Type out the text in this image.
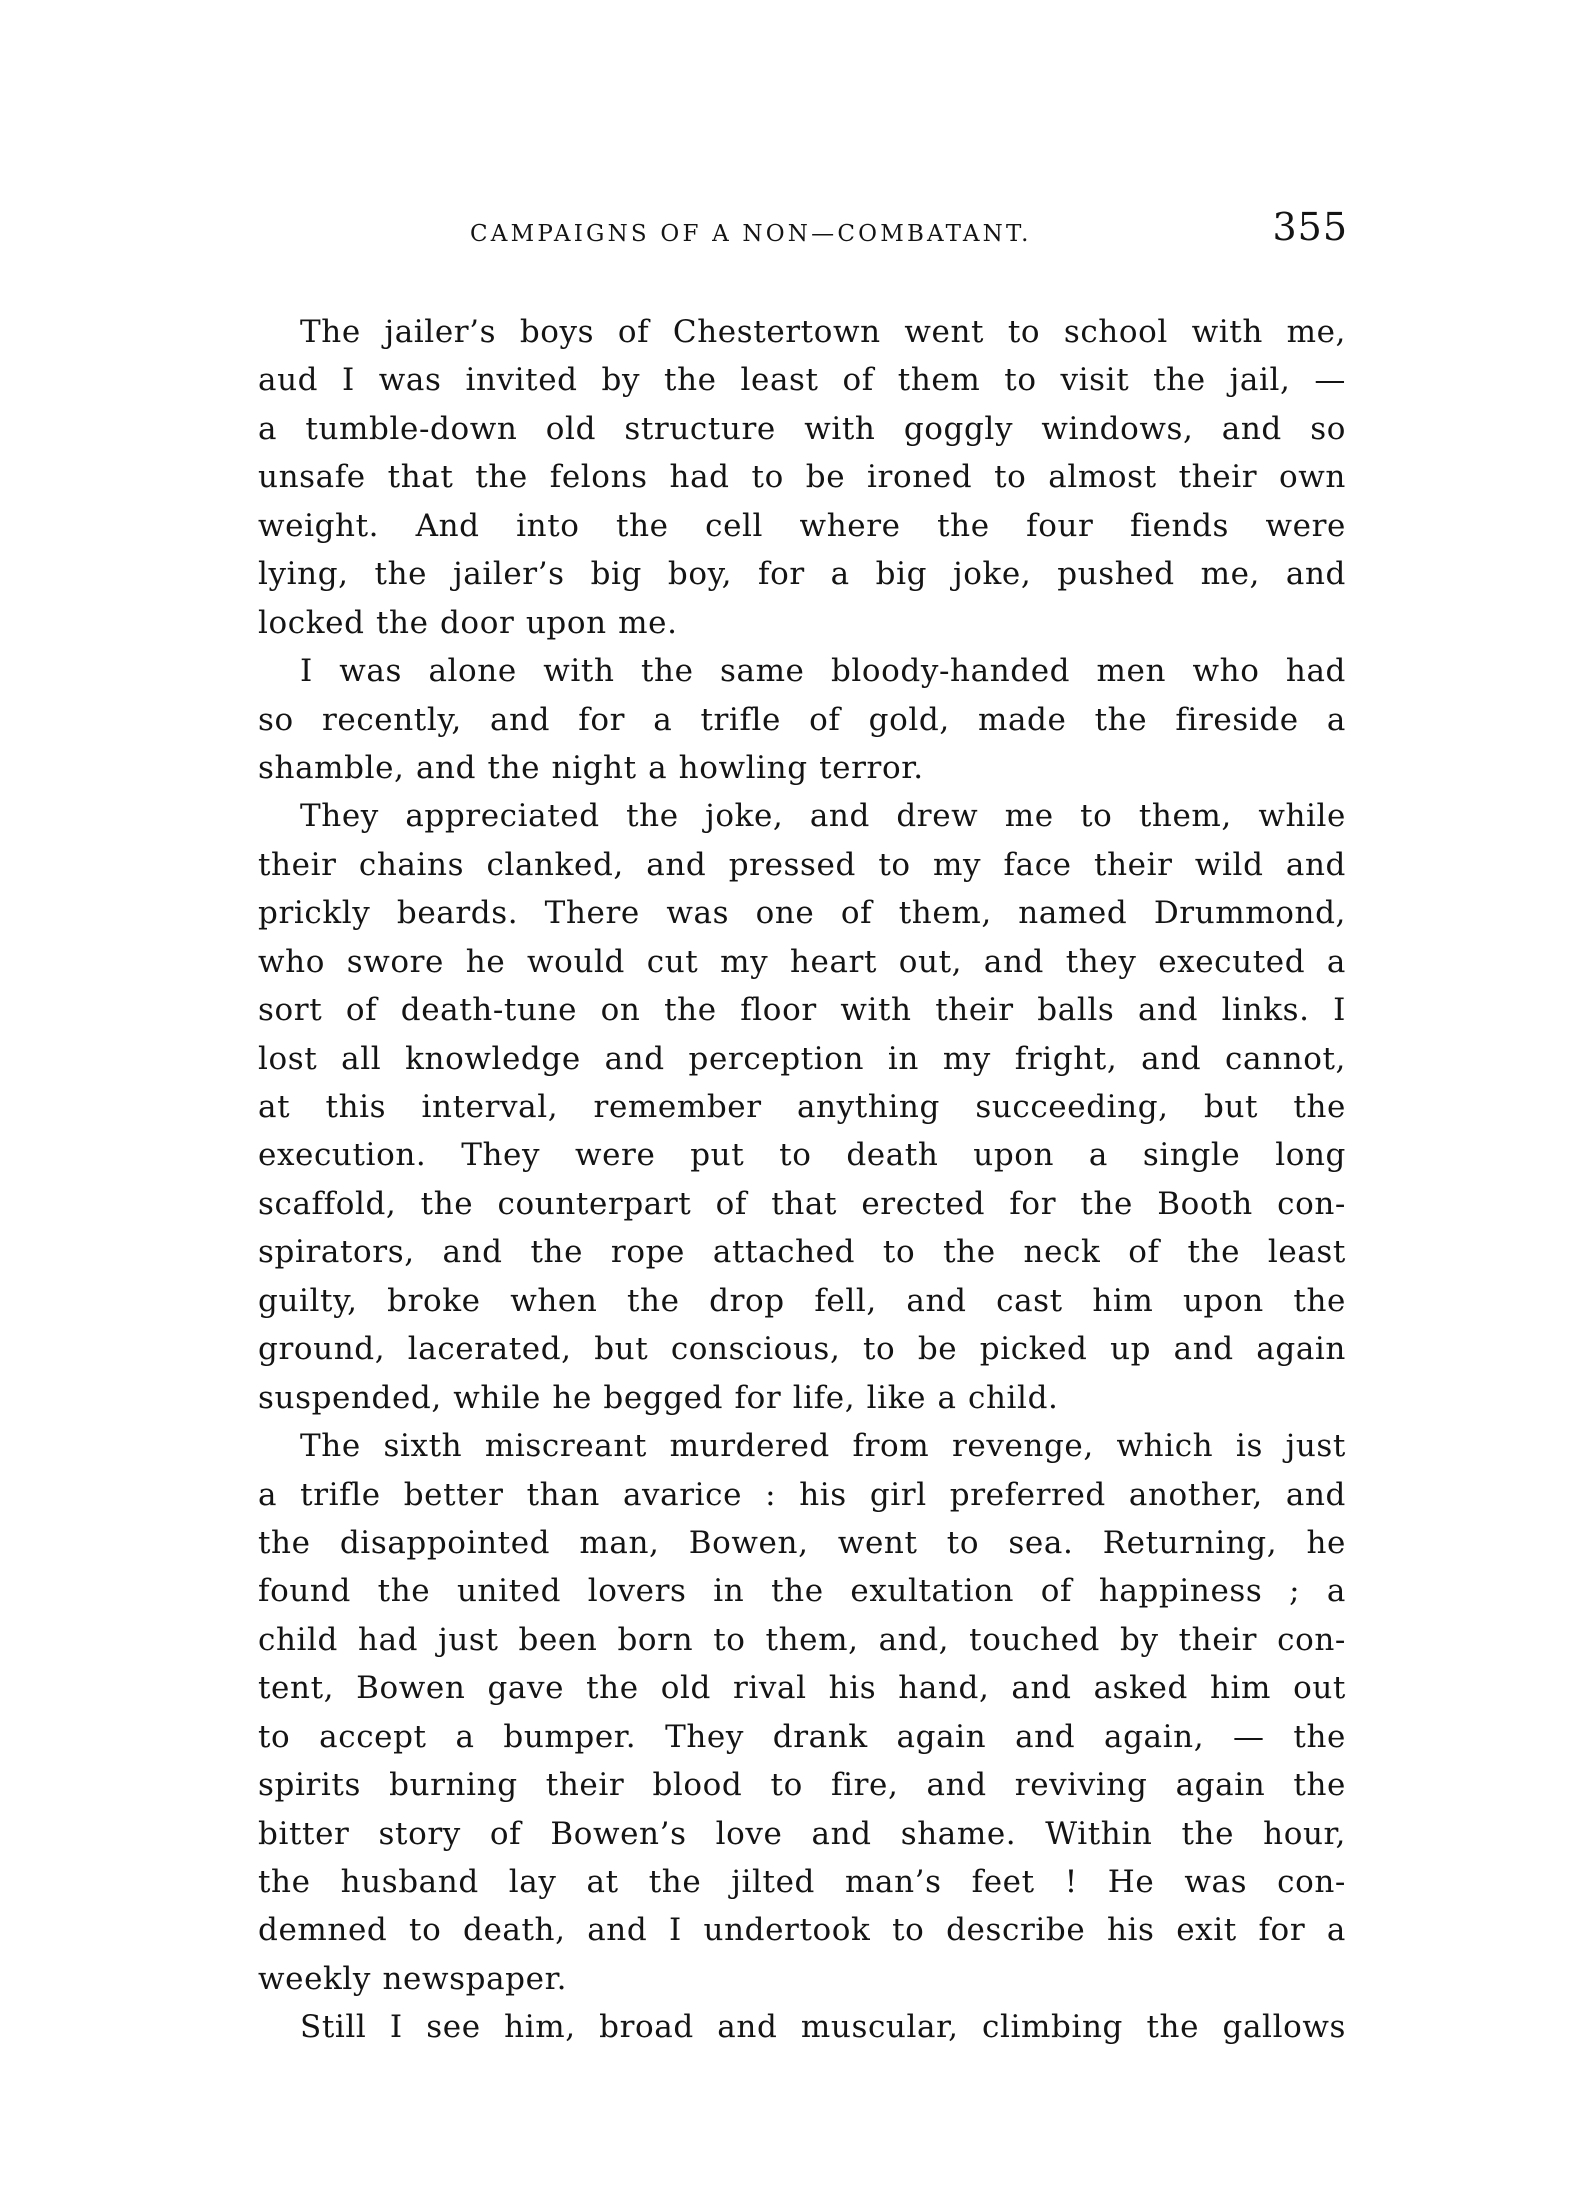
CAMPAIGNS OF A NON—COMBATANT.	355
The jailer’s boys of Chestertown went to school with me,
aud I was invited by the least of them to visit the jail, —
a tumble-down old structure with goggly windows, and so
unsafe that the felons had to be ironed to almost their own
weight. And into the cell where the four fiends were
lying, the jailer’s big boy, for a big joke, pushed me, and
locked the door upon me.
I was alone with the same bloody-handed men who had
so recently, and for a trifle of gold, made the fireside a
shamble, and the night a howling terror.
They appreciated the joke, and drew me to them, while
their chains clanked, and pressed to my face their wild and
prickly beards. There was one of them, named Drummond,
who swore he would cut my heart out, and they executed a
sort of death-tune on the floor with their balls and links. I
lost all knowledge and perception in my fright, and cannot,
at this interval, remember anything succeeding, but the
execution. They were put to death upon a single long
scaffold, the counterpart of that erected for the Booth con-
spirators, and the rope attached to the neck of the least
guilty, broke when the drop fell, and cast him upon the
ground, lacerated, but conscious, to be picked up and again
suspended, while he begged for life, like a child.
The sixth miscreant murdered from revenge, which is just
a trifle better than avarice : his girl preferred another, and
the disappointed man, Bowen, went to sea. Returning, he
found the united lovers in the exultation of happiness ; a
child had just been born to them, and, touched by their con-
tent, Bowen gave the old rival his hand, and asked him out
to accept a bumper. They drank again and again, — the
spirits burning their blood to fire, and reviving again the
bitter story of Bowen’s love and shame. Within the hour,
the husband lay at the jilted man’s feet ! He was con-
demned to death, and I undertook to describe his exit for a
weekly newspaper.
Still I see him, broad and muscular, climbing the gallows
